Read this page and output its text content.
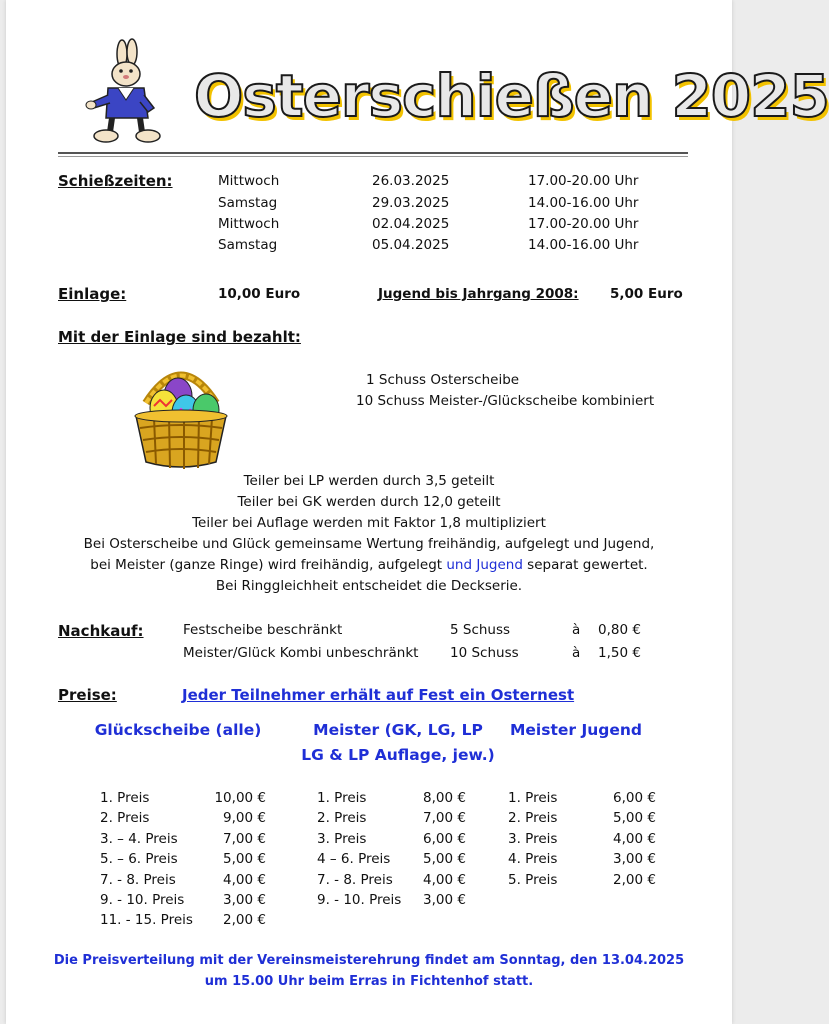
Osterschießen 2025
Schießzeiten:	Mittwoch	26.03.2025	17.00-20.00 Uhr
Samstag	29.03.2025	14.00-16.00 Uhr
Mittwoch	02.04.2025	17.00-20.00 Uhr
Samstag	05.04.2025	14.00-16.00 Uhr
Einlage:	10,00 Euro	Jugend bis Jahrgang 2008: 5,00 Euro
Mit der Einlage sind bezahlt:
1 Schuss Osterscheibe
10 Schuss Meister-/Glückscheibe kombiniert
Teiler bei LP werden durch 3,5 geteilt
Teiler bei GK werden durch 12,0 geteilt
Teiler bei Auflage werden mit Faktor 1,8 multipliziert
Bei Osterscheibe und Glück gemeinsame Wertung freihändig, aufgelegt und Jugend,
bei Meister (ganze Ringe) wird freihändig, aufgelegt und Jugend separat gewertet.
Bei Ringgleichheit entscheidet die Deckserie.
Nachkauf:	Festscheibe beschränkt	5 Schuss	à 0,80 €
Meister/Glück Kombi unbeschränkt 10 Schuss	à 1,50 €
Preise:	Jeder Teilnehmer erhält auf Fest ein Osternest
Glückscheibe (alle)	Meister (GK, LG, LP
LG & LP Auflage, jew.)
Meister Jugend
1. Preis	10,00 €
2. Preis	9,00 €
3. – 4. Preis	7,00 €
5. – 6. Preis	5,00 €
7. - 8. Preis	4,00 €
9. - 10. Preis	3,00 €
11. - 15. Preis	2,00 €
1. Preis	8,00 €
2. Preis	7,00 €
3. Preis	6,00 €
4 – 6. Preis	5,00 €
7. - 8. Preis	4,00 €
9. - 10. Preis	3,00 €
1. Preis	6,00 €
2. Preis	5,00 €
3. Preis	4,00 €
4. Preis	3,00 €
5. Preis	2,00 €
Die Preisverteilung mit der Vereinsmeisterehrung findet am Sonntag, den 13.04.2025
um 15.00 Uhr beim Erras in Fichtenhof statt.
